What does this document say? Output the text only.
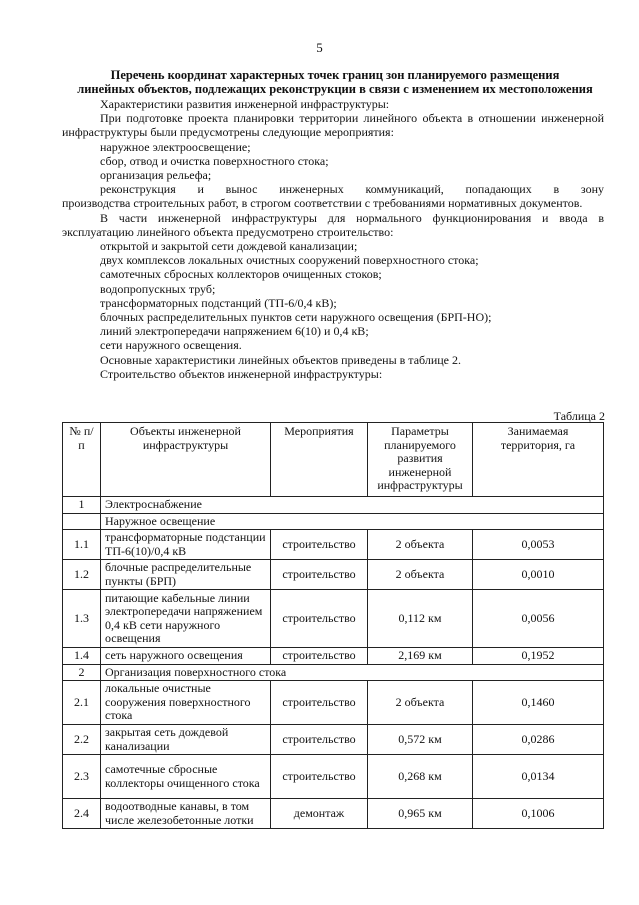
5
Перечень координат характерных точек границ зон планируемого размещения
линейных объектов, подлежащих реконструкции в связи с изменением их местоположения

Характеристики развития инженерной инфраструктуры:

При подготовке проекта планировки территории линейного объекта в отношении инженерной инфраструктуры были предусмотрены следующие мероприятия:

наружное электроосвещение;

сбор, отвод и очистка поверхностного стока;

организация рельефа;

реконструкция и вынос инженерных коммуникаций, попадающих в зону

производства строительных работ, в строгом соответствии с требованиями нормативных документов.

В части инженерной инфраструктуры для нормального функционирования и ввода в эксплуатацию линейного объекта предусмотрено строительство:

открытой и закрытой сети дождевой канализации;

двух комплексов локальных очистных сооружений поверхностного стока;

самотечных сбросных коллекторов очищенных стоков;

водопропускных труб;

трансформаторных подстанций (ТП-6/0,4 кВ);

блочных распределительных пунктов сети наружного освещения (БРП-НО);

линий электропередачи напряжением 6(10) и 0,4 кВ;

сети наружного освещения.

Основные характеристики линейных объектов приведены в таблице 2.

Строительство объектов инженерной инфраструктуры:

Таблица 2
№ п/п	Объекты инженерной инфраструктуры	Мероприятия	Параметры планируемого развития инженерной инфраструктуры	Занимаемая территория, га
1	Электроснабжение			
	Наружное освещение			
1.1	трансформаторные подстанции ТП-6(10)/0,4 кВ	строительство	2 объекта	0,0053
1.2	блочные распределительные пункты (БРП)	строительство	2 объекта	0,0010
1.3	питающие кабельные линии электропередачи напряжением 0,4 кВ сети наружного освещения	строительство	0,112 км	0,0056
1.4	сеть наружного освещения	строительство	2,169 км	0,1952
2	Организация поверхностного стока			
2.1	локальные очистные сооружения поверхностного стока	строительство	2 объекта	0,1460
2.2	закрытая сеть дождевой канализации	строительство	0,572 км	0,0286
2.3	самотечные сбросные коллекторы очищенного стока	строительство	0,268 км	0,0134
2.4	водоотводные канавы, в том числе железобетонные лотки	демонтаж	0,965 км	0,1006
